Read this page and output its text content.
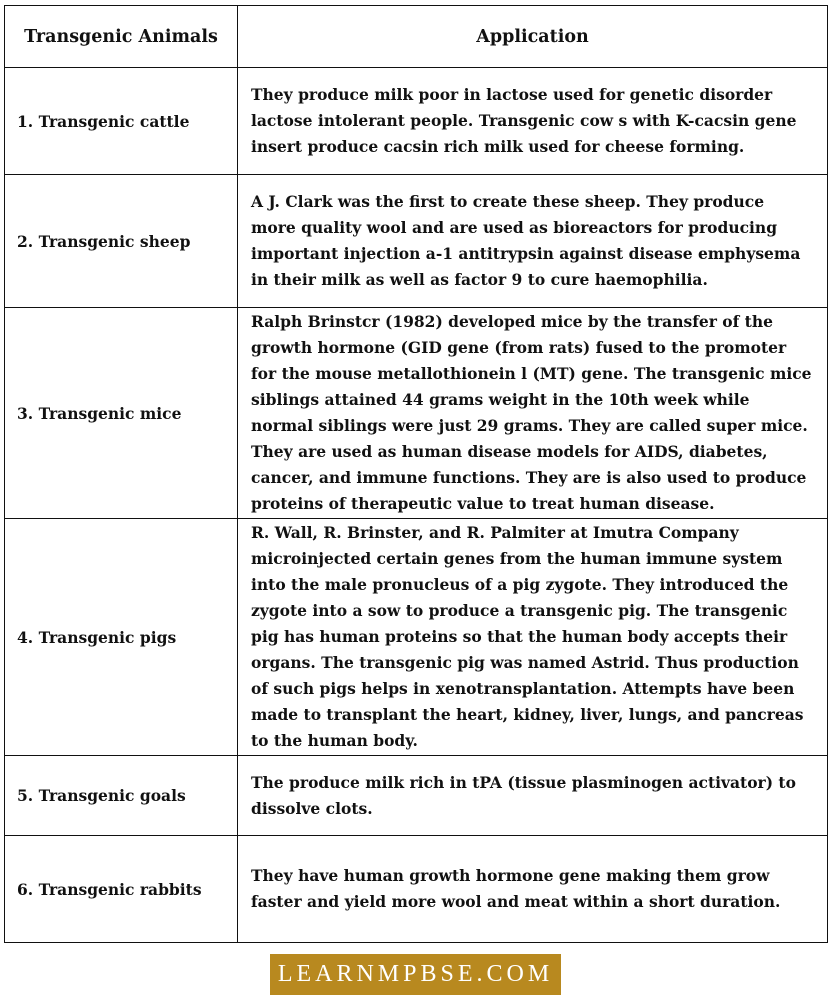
Transgenic Animals	Application
1. Transgenic cattle	They produce milk poor in lactose used for genetic disorder lactose intolerant people. Transgenic cow s with K-cacsin gene insert produce cacsin rich milk used for cheese forming.
2. Transgenic sheep	A J. Clark was the first to create these sheep. They produce more quality wool and are used as bioreactors for producing important injection a-1 antitrypsin against disease emphysema in their milk as well as factor 9 to cure haemophilia.
3. Transgenic mice	Ralph Brinstcr (1982) developed mice by the transfer of the growth hormone (GID gene (from rats) fused to the promoter for the mouse metallothionein l (MT) gene. The transgenic mice siblings attained 44 grams weight in the 10th week while normal siblings were just 29 grams. They are called super mice. They are used as human disease models for AIDS, diabetes, cancer, and immune functions. They are is also used to produce proteins of therapeutic value to treat human disease.
4. Transgenic pigs	R. Wall, R. Brinster, and R. Palmiter at Imutra Company microinjected certain genes from the human immune system into the male pronucleus of a pig zygote. They introduced the zygote into a sow to produce a transgenic pig. The transgenic pig has human proteins so that the human body accepts their organs. The transgenic pig was named Astrid. Thus production of such pigs helps in xenotransplantation. Attempts have been made to transplant the heart, kidney, liver, lungs, and pancreas to the human body.
5. Transgenic goals	The produce milk rich in tPA (tissue plasminogen activator) to dissolve clots.
6. Transgenic rabbits	They have human growth hormone gene making them grow faster and yield more wool and meat within a short duration.
LEARNMPBSE.COM
